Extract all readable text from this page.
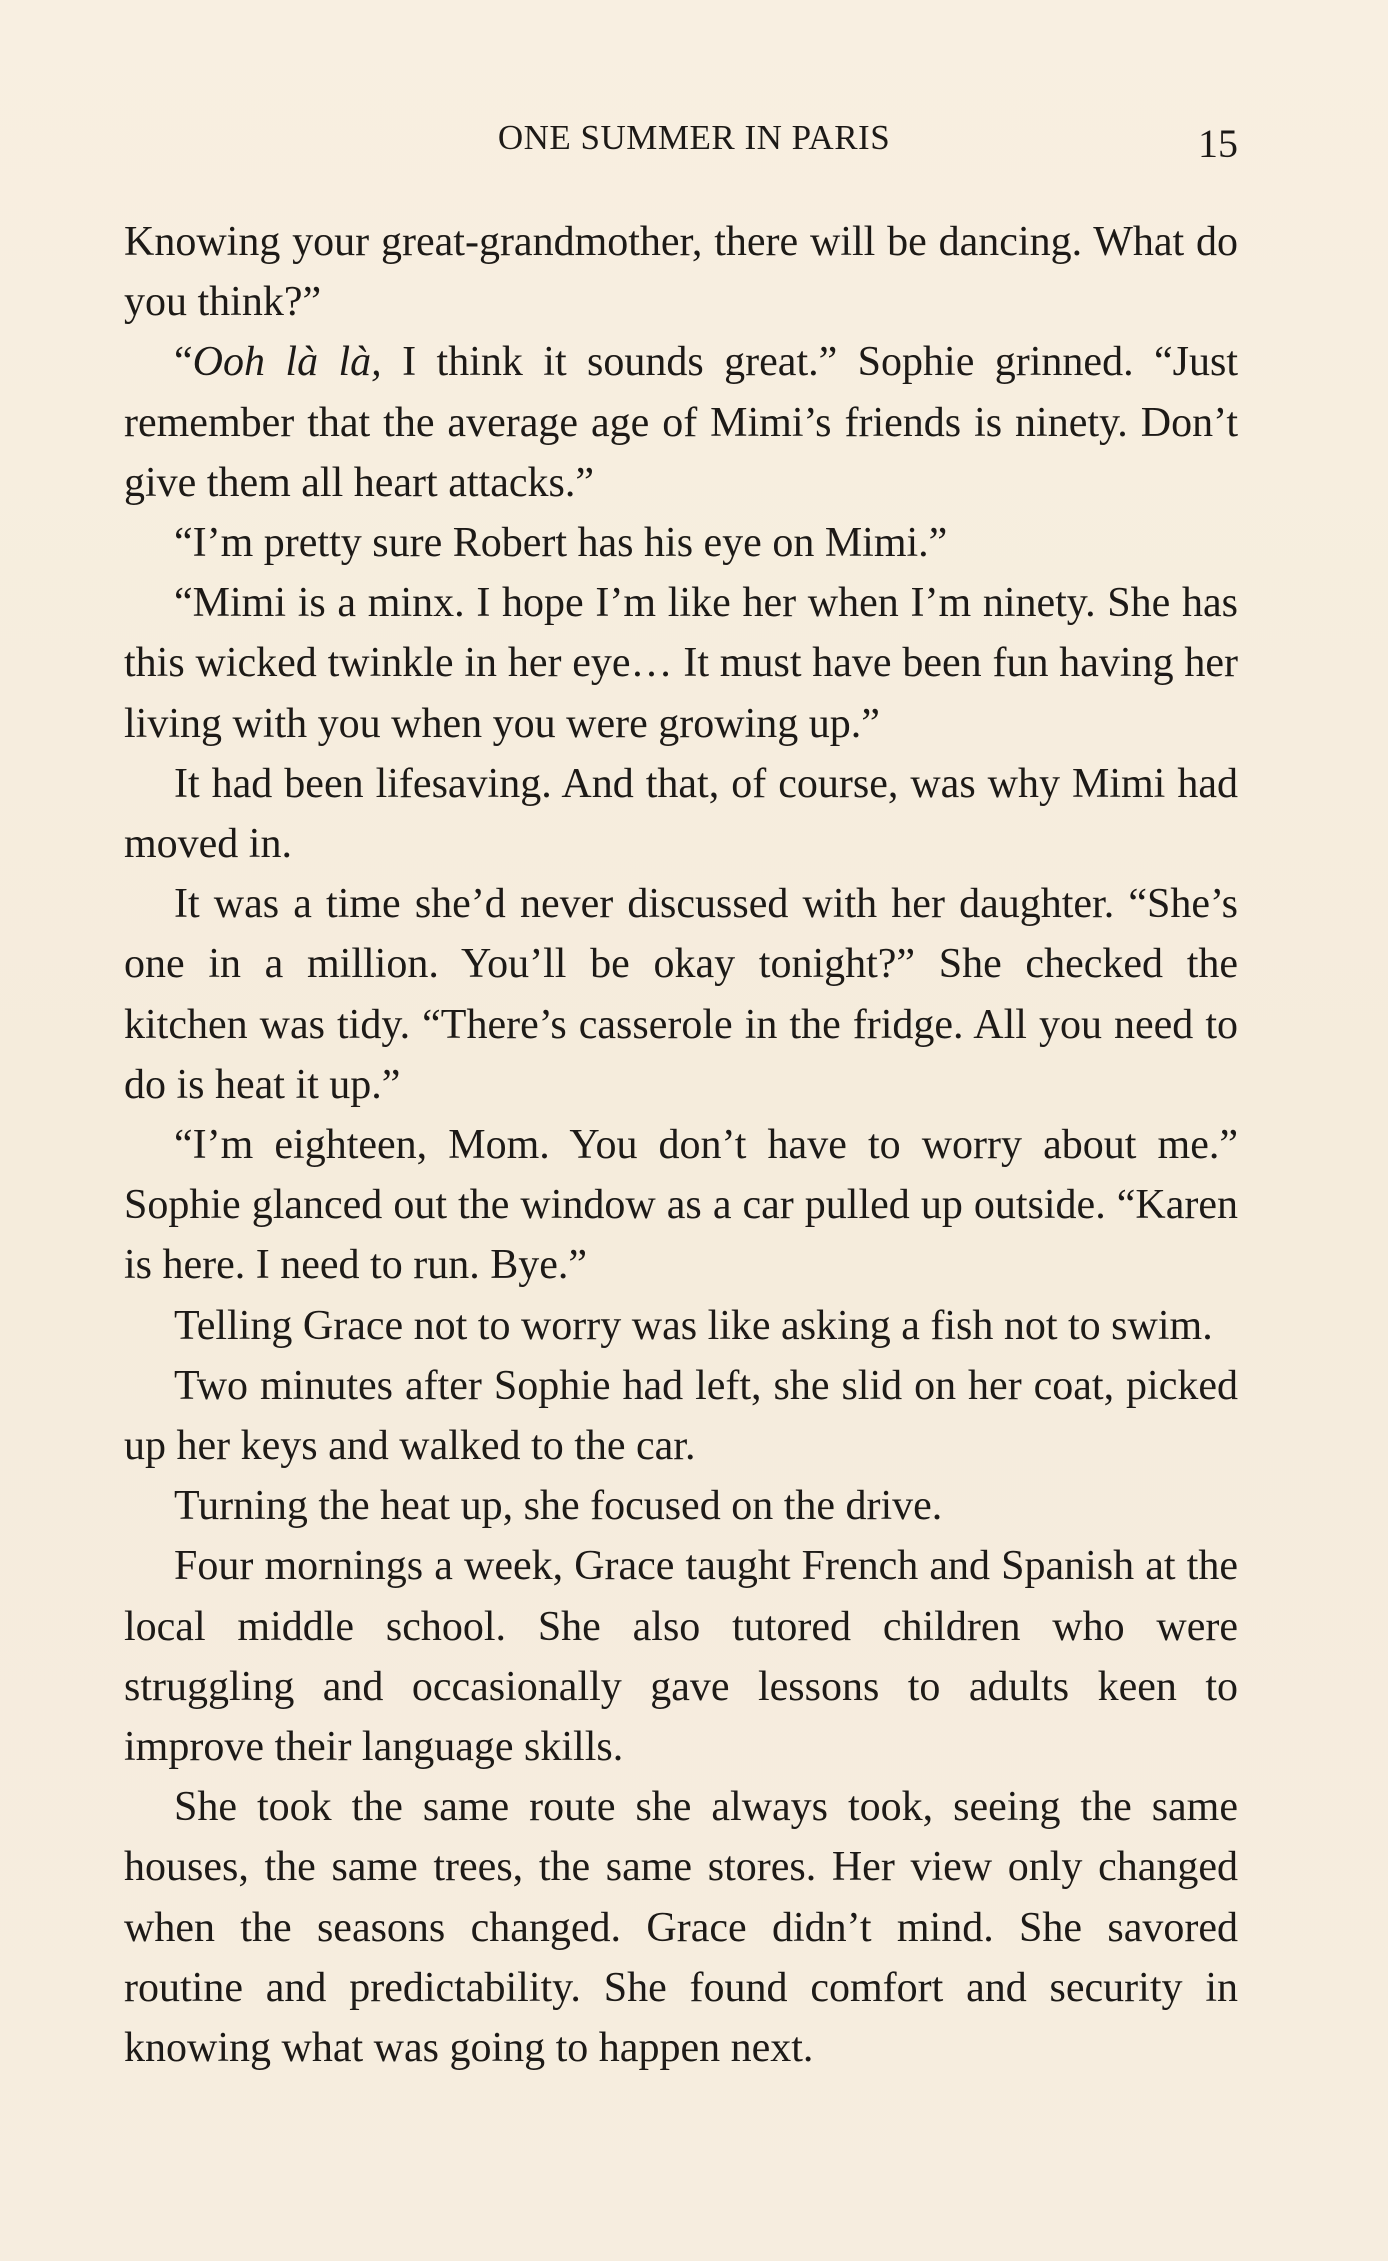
ONE SUMMER IN PARIS	15

Knowing your great-grandmother, there will be dancing. What do you think?”

“Ooh là là, I think it sounds great.” Sophie grinned. “Just remember that the average age of Mimi’s friends is ninety. Don’t give them all heart attacks.”

“I’m pretty sure Robert has his eye on Mimi.”

“Mimi is a minx. I hope I’m like her when I’m ninety. She has this wicked twinkle in her eye… It must have been fun having her living with you when you were growing up.”

It had been lifesaving. And that, of course, was why Mimi had moved in.

It was a time she’d never discussed with her daughter. “She’s one in a million. You’ll be okay tonight?” She checked the kitchen was tidy. “There’s casserole in the fridge. All you need to do is heat it up.”

“I’m eighteen, Mom. You don’t have to worry about me.” Sophie glanced out the window as a car pulled up outside. “Karen is here. I need to run. Bye.”

Telling Grace not to worry was like asking a fish not to swim.

Two minutes after Sophie had left, she slid on her coat, picked up her keys and walked to the car.

Turning the heat up, she focused on the drive.

Four mornings a week, Grace taught French and Spanish at the local middle school. She also tutored children who were struggling and occasionally gave lessons to adults keen to improve their language skills.

She took the same route she always took, seeing the same houses, the same trees, the same stores. Her view only changed when the seasons changed. Grace didn’t mind. She savored routine and predictability. She found comfort and security in knowing what was going to happen next.
